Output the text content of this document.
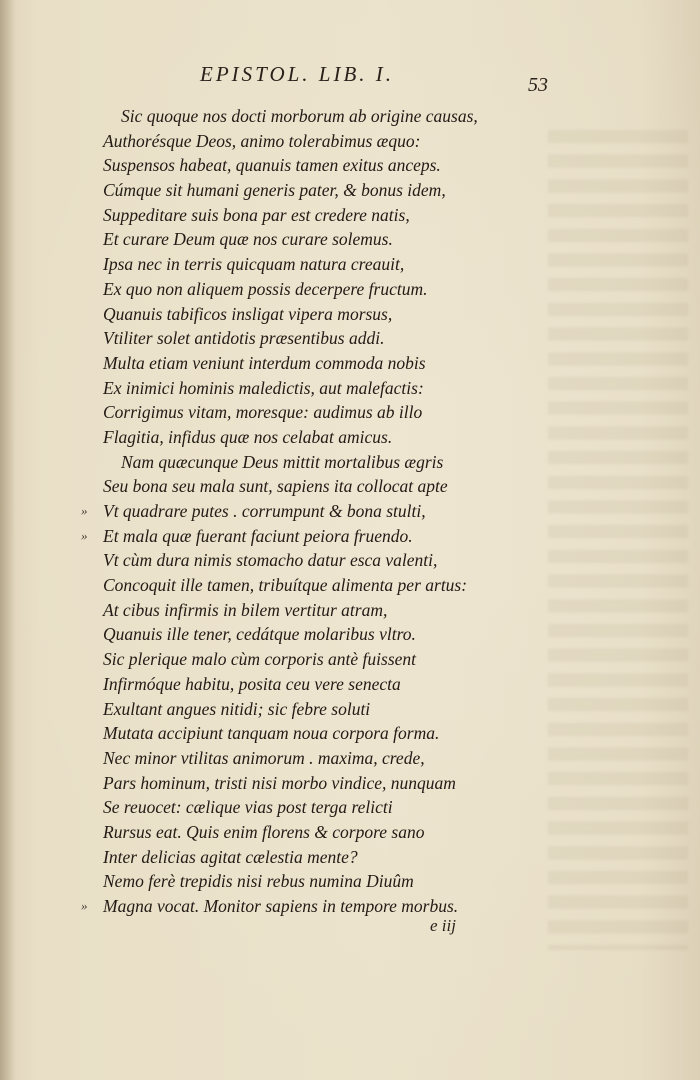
EPISTOL. LIB. I.	53
Sic quoque nos docti morborum ab origine causas,
Authorésque Deos, animo tolerabimus æquo:
Suspensos habeat, quanuis tamen exitus anceps.
Cúmque sit humani generis pater, & bonus idem,
Suppeditare suis bona par est credere natis,
Et curare Deum quæ nos curare solemus.
Ipsa nec in terris quicquam natura creauit,
Ex quo non aliquem possis decerpere fructum.
Quanuis tabificos insligat vipera morsus,
Vtiliter solet antidotis præsentibus addi.
Multa etiam veniunt interdum commoda nobis
Ex inimici hominis maledictis, aut malefactis:
Corrigimus vitam, moresque: audimus ab illo
Flagitia, infidus quæ nos celabat amicus.
Nam quæcunque Deus mittit mortalibus ægris
Seu bona seu mala sunt, sapiens ita collocat apte
» Vt quadrare putes . corrumpunt & bona stulti,
» Et mala quæ fuerant faciunt peiora fruendo.
Vt cùm dura nimis stomacho datur esca valenti,
Concoquit ille tamen, tribuítque alimenta per artus:
At cibus infirmis in bilem vertitur atram,
Quanuis ille tener, cedátque molaribus vltro.
Sic plerique malo cùm corporis antè fuissent
Infirmóque habitu, posita ceu vere senecta
Exultant angues nitidi; sic febre soluti
Mutata accipiunt tanquam noua corpora forma.
Nec minor vtilitas animorum . maxima, crede,
Pars hominum, tristi nisi morbo vindice, nunquam
Se reuocet: cælique vias post terga relicti
Rursus eat. Quis enim florens & corpore sano
Inter delicias agitat cælestia mente?
Nemo ferè trepidis nisi rebus numina Diuûm
» Magna vocat. Monitor sapiens in tempore morbus.
e iij
